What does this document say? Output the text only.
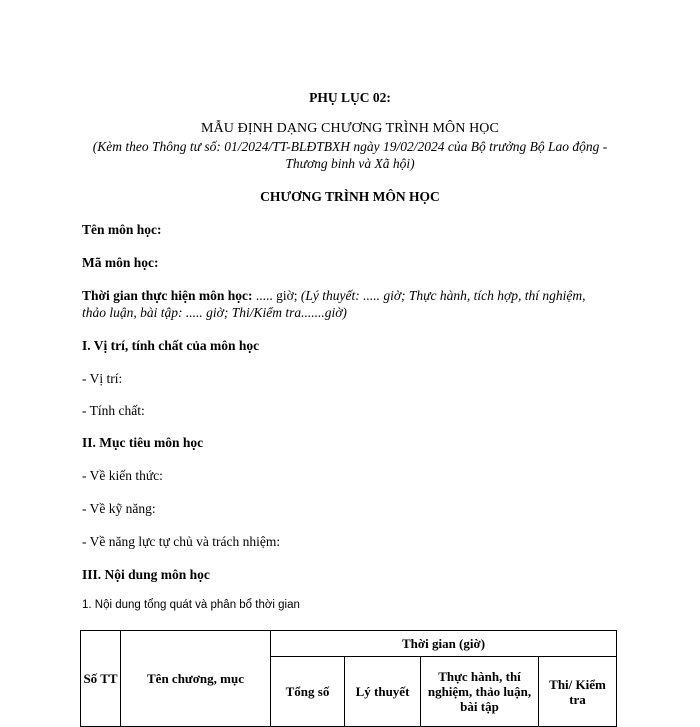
PHỤ LỤC 02:
MẪU ĐỊNH DẠNG CHƯƠNG TRÌNH MÔN HỌC
(Kèm theo Thông tư số: 01/2024/TT-BLĐTBXH ngày 19/02/2024 của Bộ trưởng Bộ Lao động -
Thương binh và Xã hội)
CHƯƠNG TRÌNH MÔN HỌC
Tên môn học:
Mã môn học:
Thời gian thực hiện môn học: ..... giờ; (Lý thuyết: ..... giờ; Thực hành, tích hợp, thí nghiệm,
thảo luận, bài tập: ..... giờ; Thi/Kiểm tra.......giờ)
I. Vị trí, tính chất của môn học
- Vị trí:
- Tính chất:
II. Mục tiêu môn học
- Về kiến thức:
- Về kỹ năng:
- Về năng lực tự chủ và trách nhiệm:
III. Nội dung môn học
1. Nội dung tổng quát và phân bổ thời gian
Số TT	Tên chương, mục	Thời gian (giờ)			
		Tổng số	Lý thuyết	Thực hành, thí nghiệm, thảo luận, bài tập	Thi/ Kiểm tra
